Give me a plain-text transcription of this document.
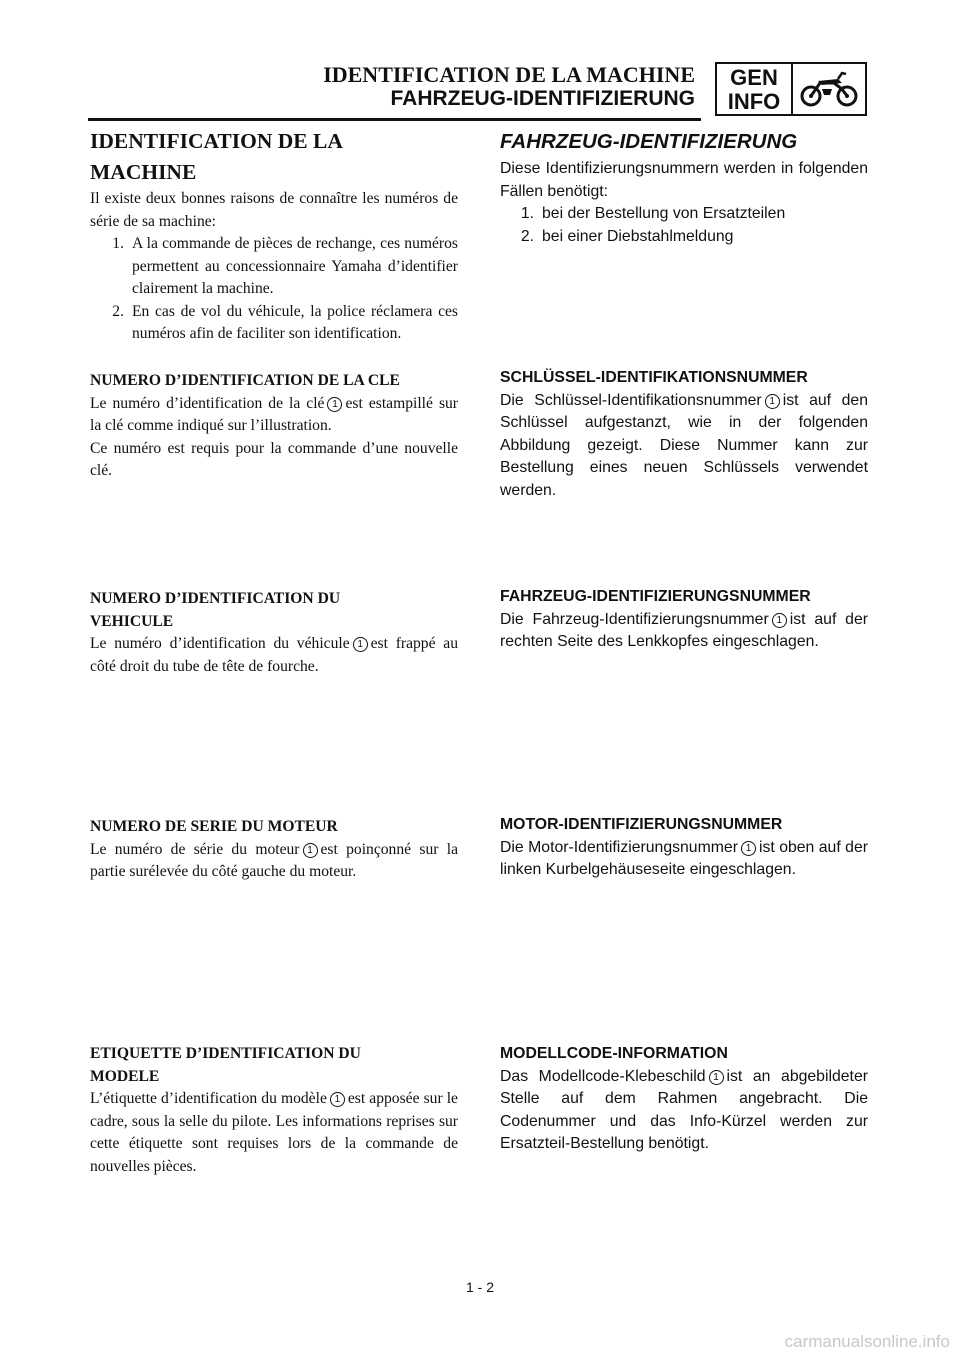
IDENTIFICATION DE LA MACHINE
FAHRZEUG-IDENTIFIZIERUNG
GEN
INFO
IDENTIFICATION DE LA
MACHINE
Il existe deux bonnes raisons de connaître les numéros de série de sa machine:
1. A la commande de pièces de rechange, ces numéros permettent au concessionnaire Yamaha d’identifier clairement la machine.
2. En cas de vol du véhicule, la police réclamera ces numéros afin de faciliter son identification.
NUMERO D’IDENTIFICATION DE LA CLE
Le numéro d’identification de la clé 1 est estampillé sur la clé comme indiqué sur l’illustration.
Ce numéro est requis pour la commande d’une nouvelle clé.
NUMERO D’IDENTIFICATION DU
VEHICULE
Le numéro d’identification du véhicule 1 est frappé au côté droit du tube de tête de fourche.
NUMERO DE SERIE DU MOTEUR
Le numéro de série du moteur 1 est poinçonné sur la partie surélevée du côté gauche du moteur.
ETIQUETTE D’IDENTIFICATION DU
MODELE
L’étiquette d’identification du modèle 1 est apposée sur le cadre, sous la selle du pilote. Les informations reprises sur cette étiquette sont requises lors de la commande de nouvelles pièces.
FAHRZEUG-IDENTIFIZIERUNG
Diese Identifizierungsnummern werden in folgenden Fällen benötigt:
1. bei der Bestellung von Ersatzteilen
2. bei einer Diebstahlmeldung
SCHLÜSSEL-IDENTIFIKATIONSNUMMER
Die Schlüssel-Identifikationsnummer 1 ist auf den Schlüssel aufgestanzt, wie in der folgenden Abbildung gezeigt. Diese Nummer kann zur Bestellung eines neuen Schlüssels verwendet werden.
FAHRZEUG-IDENTIFIZIERUNGSNUMMER
Die Fahrzeug-Identifizierungsnummer 1 ist auf der rechten Seite des Lenkkopfes eingeschlagen.
MOTOR-IDENTIFIZIERUNGSNUMMER
Die Motor-Identifizierungsnummer 1 ist oben auf der linken Kurbelgehäuseseite eingeschlagen.
MODELLCODE-INFORMATION
Das Modellcode-Klebeschild 1 ist an abgebildeter Stelle auf dem Rahmen angebracht. Die Codenummer und das Info-Kürzel werden zur Ersatzteil-Bestellung benötigt.
1 - 2
carmanualsonline.info
